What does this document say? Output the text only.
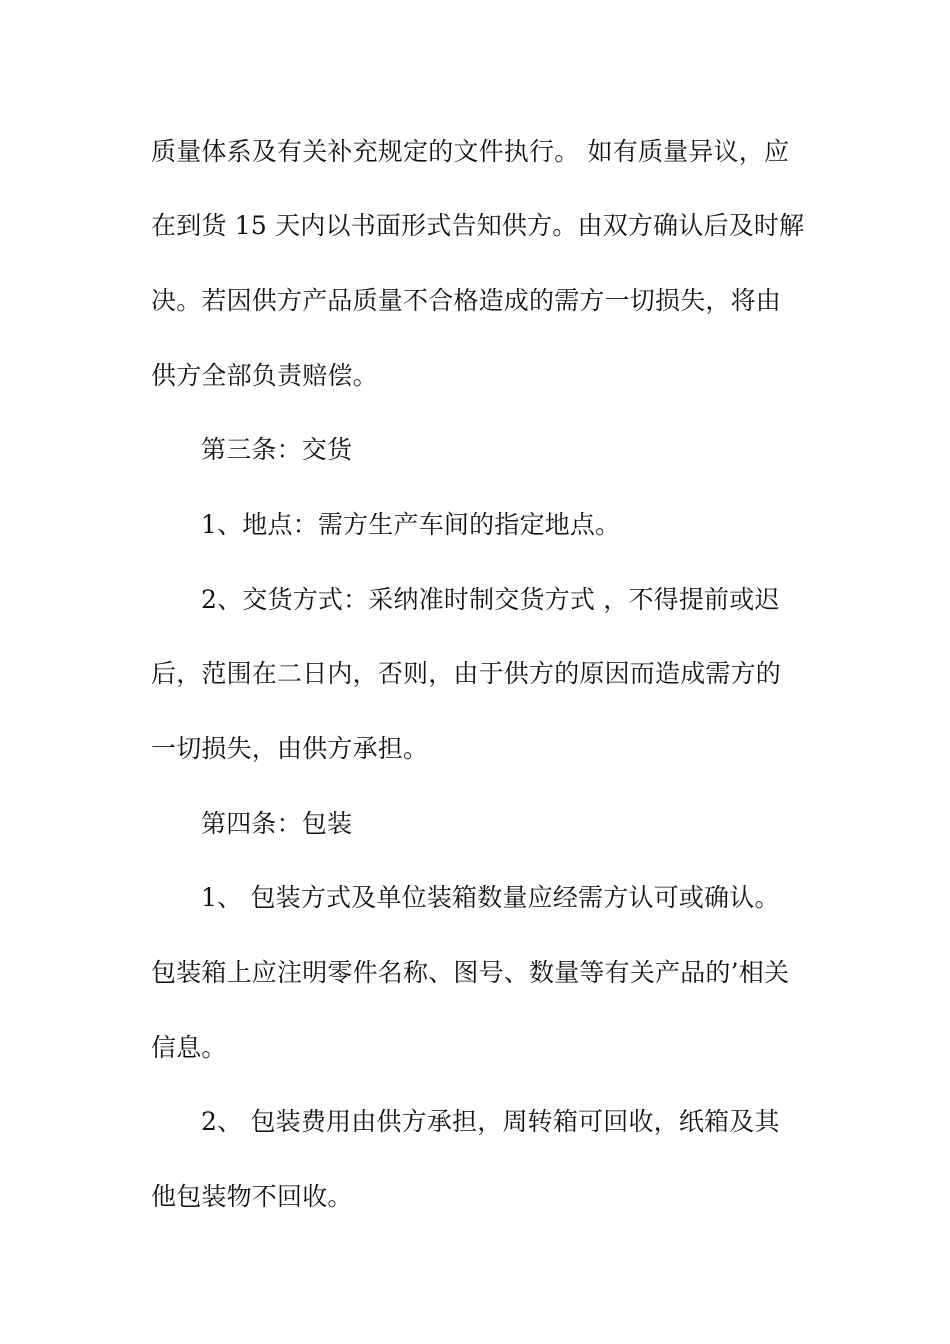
质量体系及有关补充规定的文件执行。 如有质量异议，应
在到货 15 天内以书面形式告知供方。由双方确认后及时解
决。若因供方产品质量不合格造成的需方一切损失，将由
供方全部负责赔偿。
第三条：交货
1、地点：需方生产车间的指定地点。
2、交货方式：采纳准时制交货方式 ，不得提前或迟
后，范围在二日内，否则，由于供方的原因而造成需方的
一切损失，由供方承担。
第四条：包装
1、 包装方式及单位装箱数量应经需方认可或确认。
包装箱上应注明零件名称、图号、数量等有关产品的’相关
信息。
2、 包装费用由供方承担，周转箱可回收，纸箱及其
他包装物不回收。
